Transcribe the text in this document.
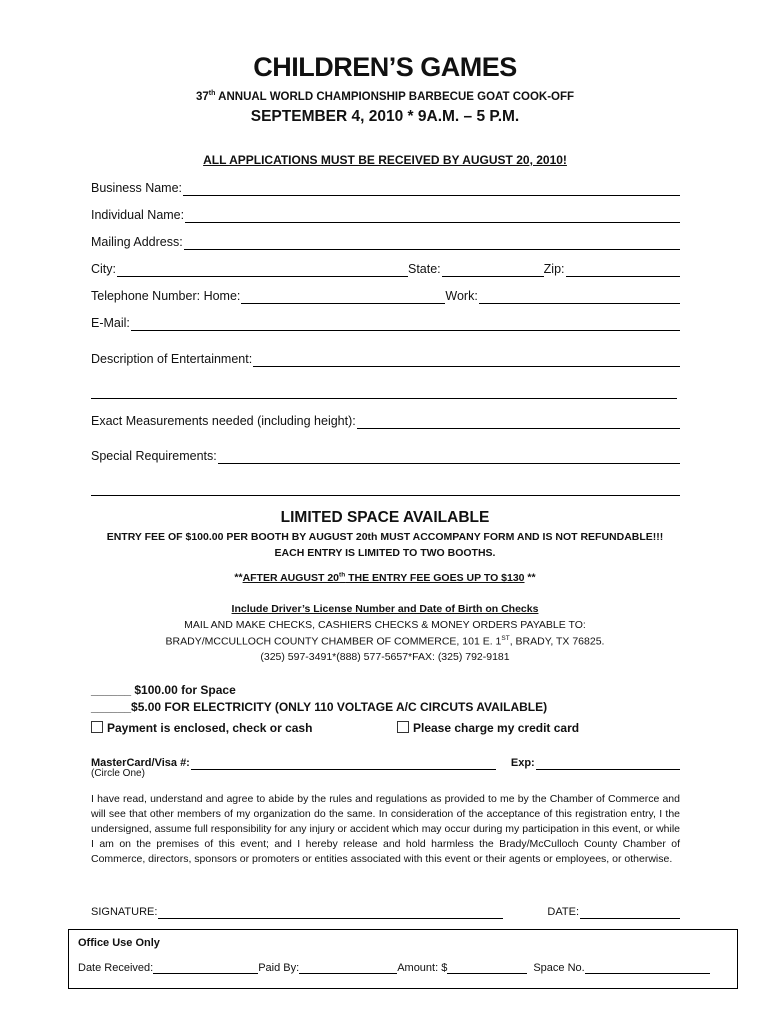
CHILDREN’S GAMES
37th ANNUAL WORLD CHAMPIONSHIP BARBECUE GOAT COOK-OFF
SEPTEMBER 4, 2010 * 9A.M. – 5 P.M.
ALL APPLICATIONS MUST BE RECEIVED BY AUGUST 20, 2010!
Business Name:
Individual Name:
Mailing Address:
City:	State:	Zip:
Telephone Number: Home:	Work:
E-Mail:
Description of Entertainment:
Exact Measurements needed (including height):
Special Requirements:
LIMITED SPACE AVAILABLE
ENTRY FEE OF $100.00 PER BOOTH BY AUGUST 20th MUST ACCOMPANY FORM AND IS NOT REFUNDABLE!!!
EACH ENTRY IS LIMITED TO TWO BOOTHS.
**AFTER AUGUST 20th THE ENTRY FEE GOES UP TO $130 **
Include Driver’s License Number and Date of Birth on Checks
MAIL AND MAKE CHECKS, CASHIERS CHECKS & MONEY ORDERS PAYABLE TO:
BRADY/MCCULLOCH COUNTY CHAMBER OF COMMERCE, 101 E. 1ST, BRADY, TX 76825.
(325) 597-3491*(888) 577-5657*FAX: (325) 792-9181
______ $100.00 for Space
______$5.00 FOR ELECTRICITY (ONLY 110 VOLTAGE A/C CIRCUTS AVAILABLE)
Payment is enclosed, check or cash	Please charge my credit card
MasterCard/Visa #:	Exp:
(Circle One)
I have read, understand and agree to abide by the rules and regulations as provided to me by the Chamber of Commerce and will see that other members of my organization do the same. In consideration of the acceptance of this registration entry, I the undersigned, assume full responsibility for any injury or accident which may occur during my participation in this event, or while I am on the premises of this event; and I hereby release and hold harmless the Brady/McCulloch County Chamber of Commerce, directors, sponsors or promoters or entities associated with this event or their agents or employees, or otherwise.
SIGNATURE:	DATE:
Office Use Only
Date Received:	Paid By:	Amount: $	Space No.
